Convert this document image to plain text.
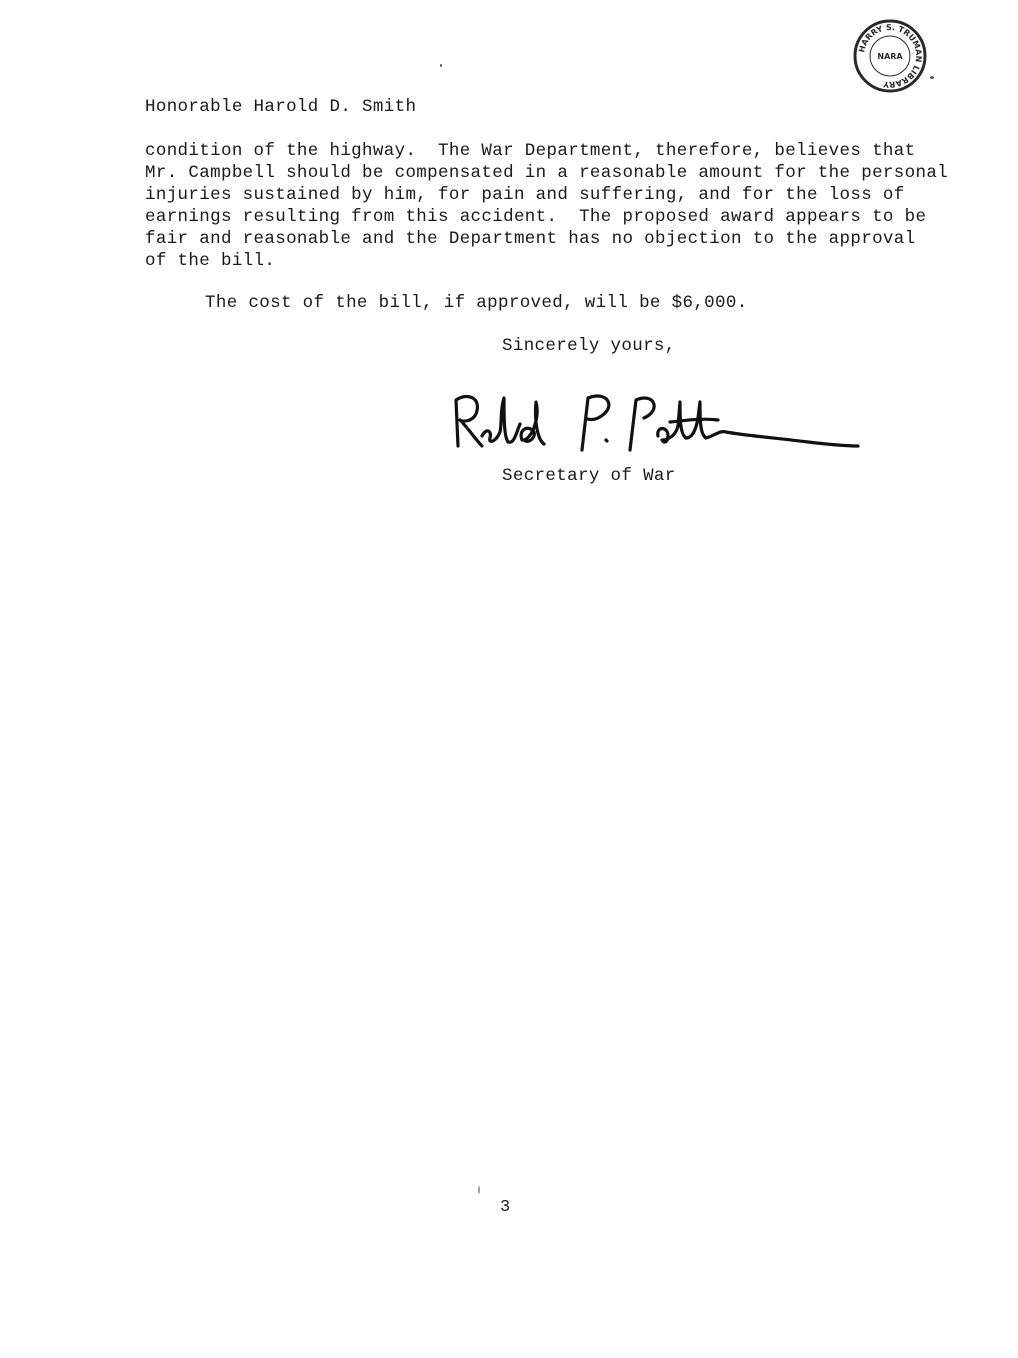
HARRY S. TRUMAN LIBRARY
NARA
Honorable Harold D. Smith
condition of the highway.  The War Department, therefore, believes that
Mr. Campbell should be compensated in a reasonable amount for the personal
injuries sustained by him, for pain and suffering, and for the loss of
earnings resulting from this accident.  The proposed award appears to be
fair and reasonable and the Department has no objection to the approval
of the bill.
The cost of the bill, if approved, will be $6,000.
Sincerely yours,
Secretary of War
3
